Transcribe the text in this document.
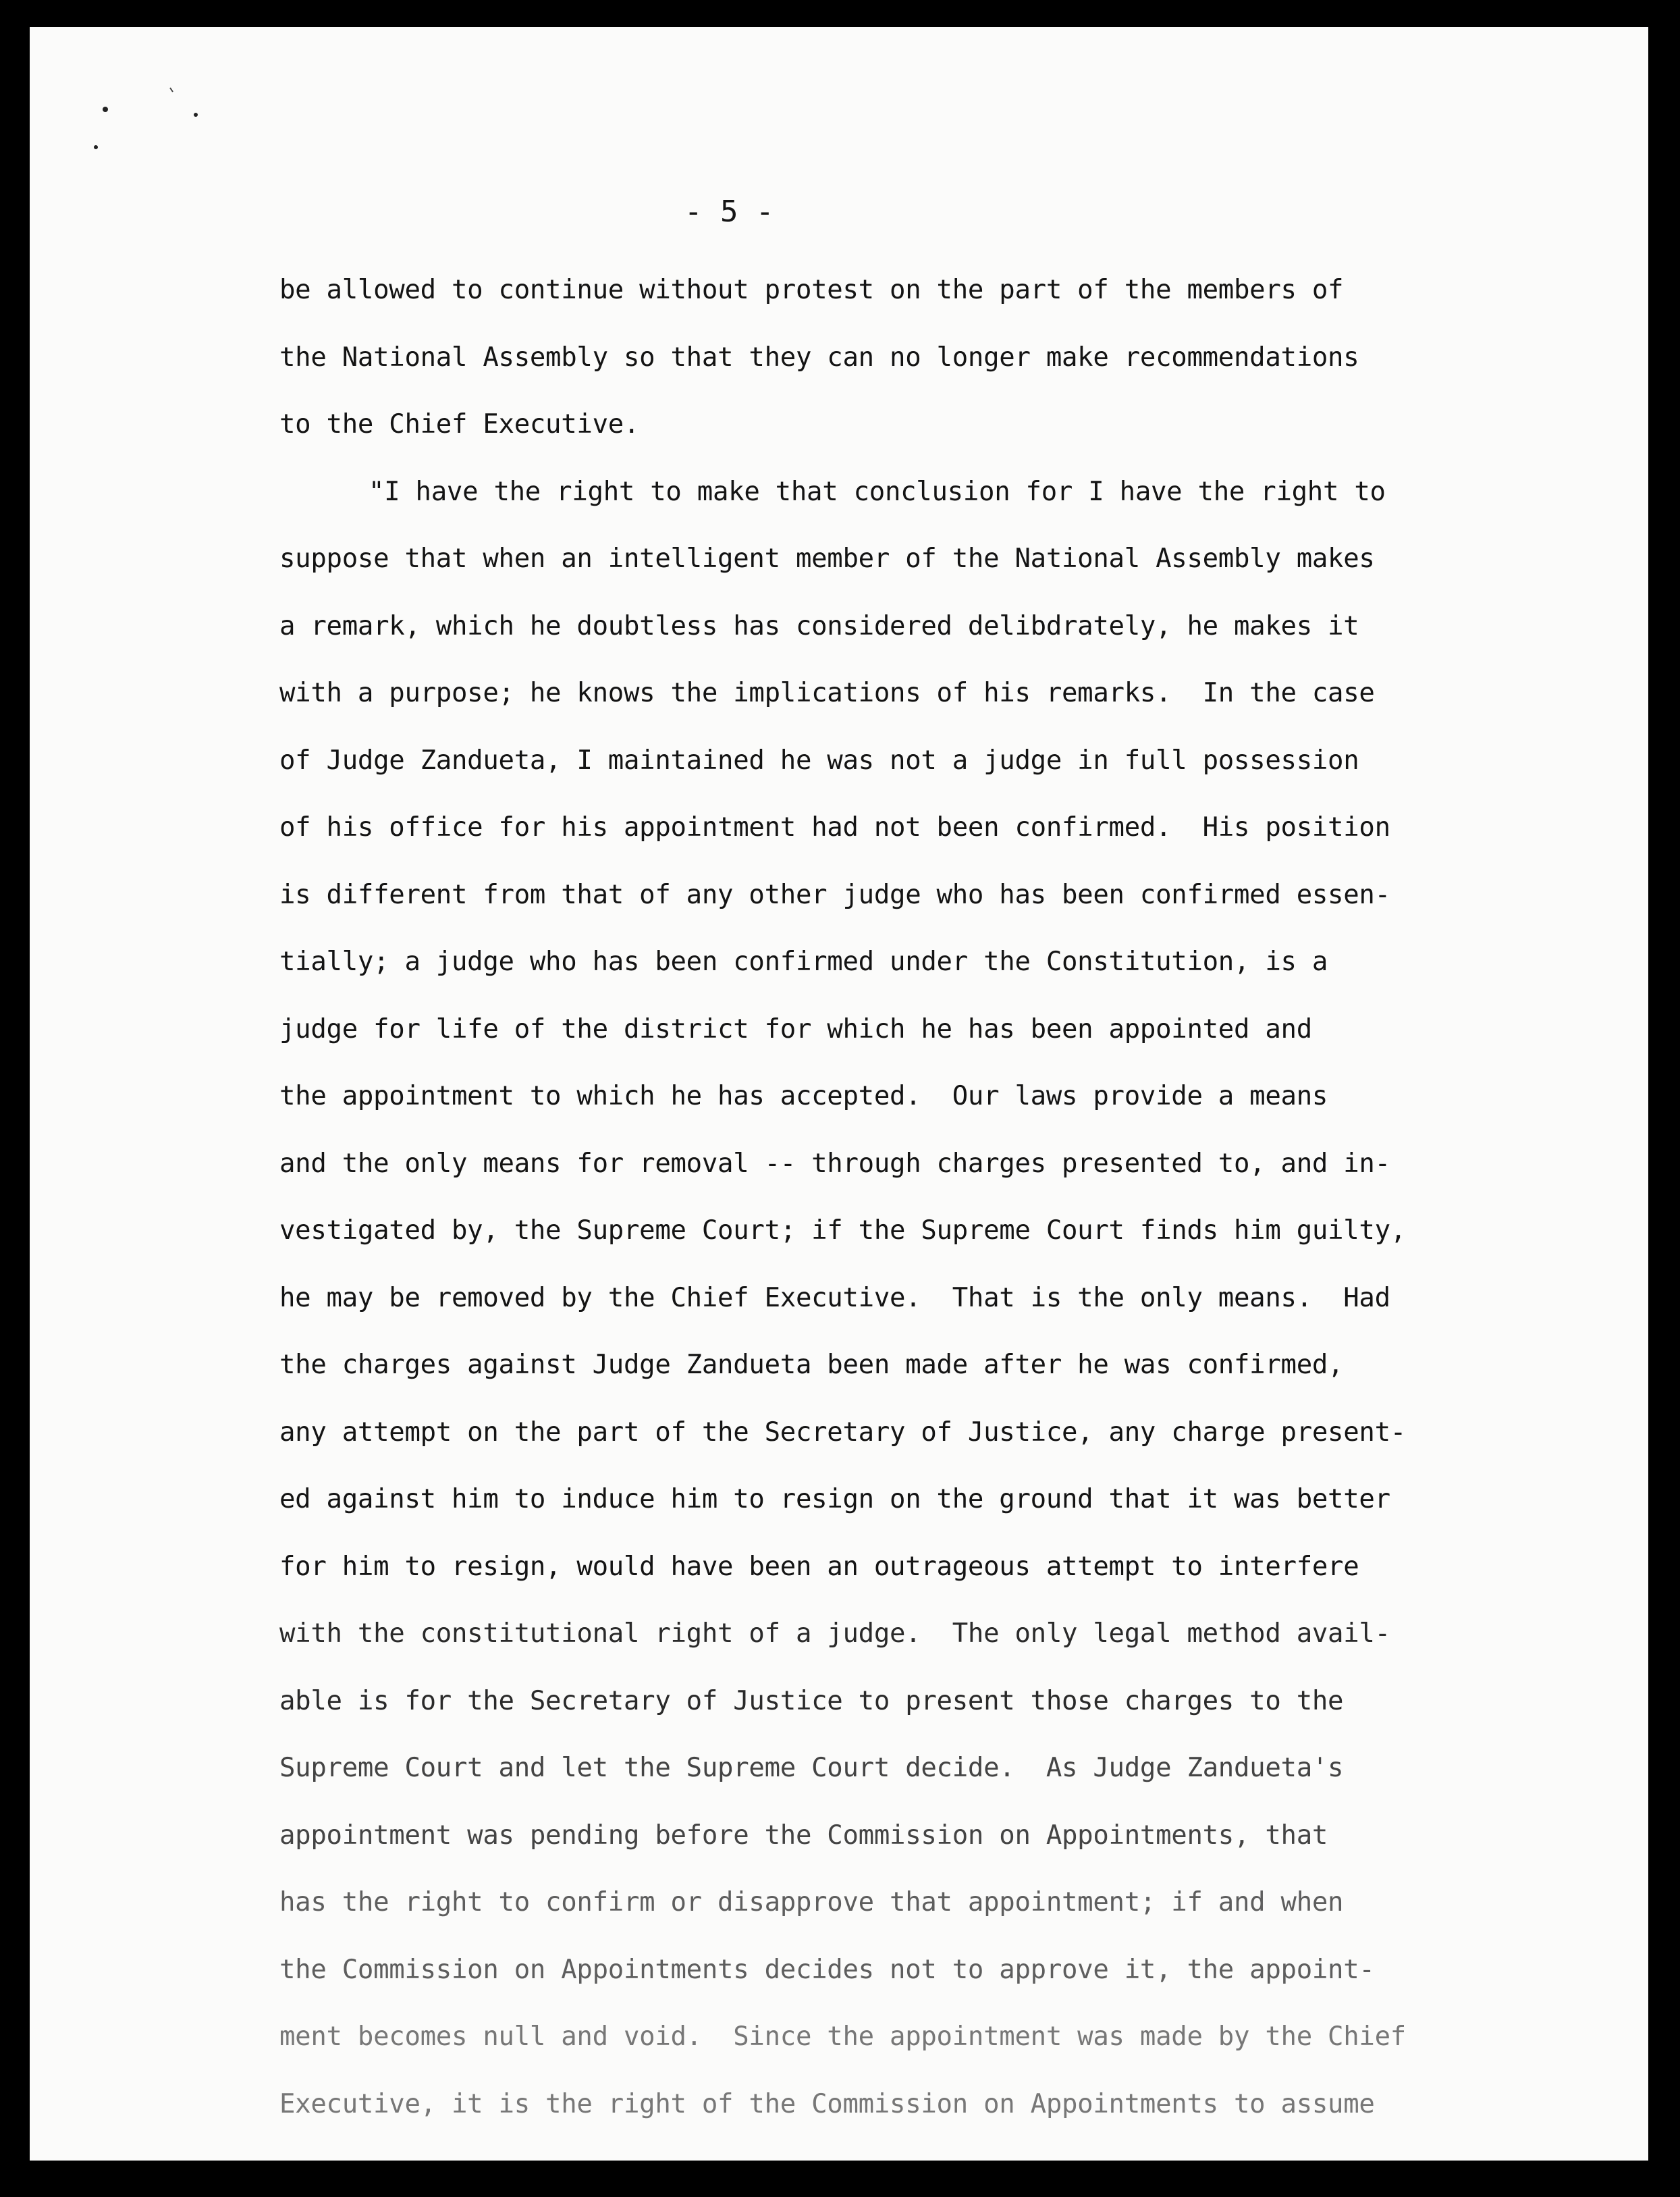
- 5 -
be allowed to continue without protest on the part of the members of
the National Assembly so that they can no longer make recommendations
to the Chief Executive.
"I have the right to make that conclusion for I have the right to
suppose that when an intelligent member of the National Assembly makes
a remark, which he doubtless has considered delibdrately, he makes it
with a purpose; he knows the implications of his remarks.  In the case
of Judge Zandueta, I maintained he was not a judge in full possession
of his office for his appointment had not been confirmed.  His position
is different from that of any other judge who has been confirmed essen-
tially; a judge who has been confirmed under the Constitution, is a
judge for life of the district for which he has been appointed and
the appointment to which he has accepted.  Our laws provide a means
and the only means for removal -- through charges presented to, and in-
vestigated by, the Supreme Court; if the Supreme Court finds him guilty,
he may be removed by the Chief Executive.  That is the only means.  Had
the charges against Judge Zandueta been made after he was confirmed,
any attempt on the part of the Secretary of Justice, any charge present-
ed against him to induce him to resign on the ground that it was better
for him to resign, would have been an outrageous attempt to interfere
with the constitutional right of a judge.  The only legal method avail-
able is for the Secretary of Justice to present those charges to the
Supreme Court and let the Supreme Court decide.  As Judge Zandueta's
appointment was pending before the Commission on Appointments, that
has the right to confirm or disapprove that appointment; if and when
the Commission on Appointments decides not to approve it, the appoint-
ment becomes null and void.  Since the appointment was made by the Chief
Executive, it is the right of the Commission on Appointments to assume
